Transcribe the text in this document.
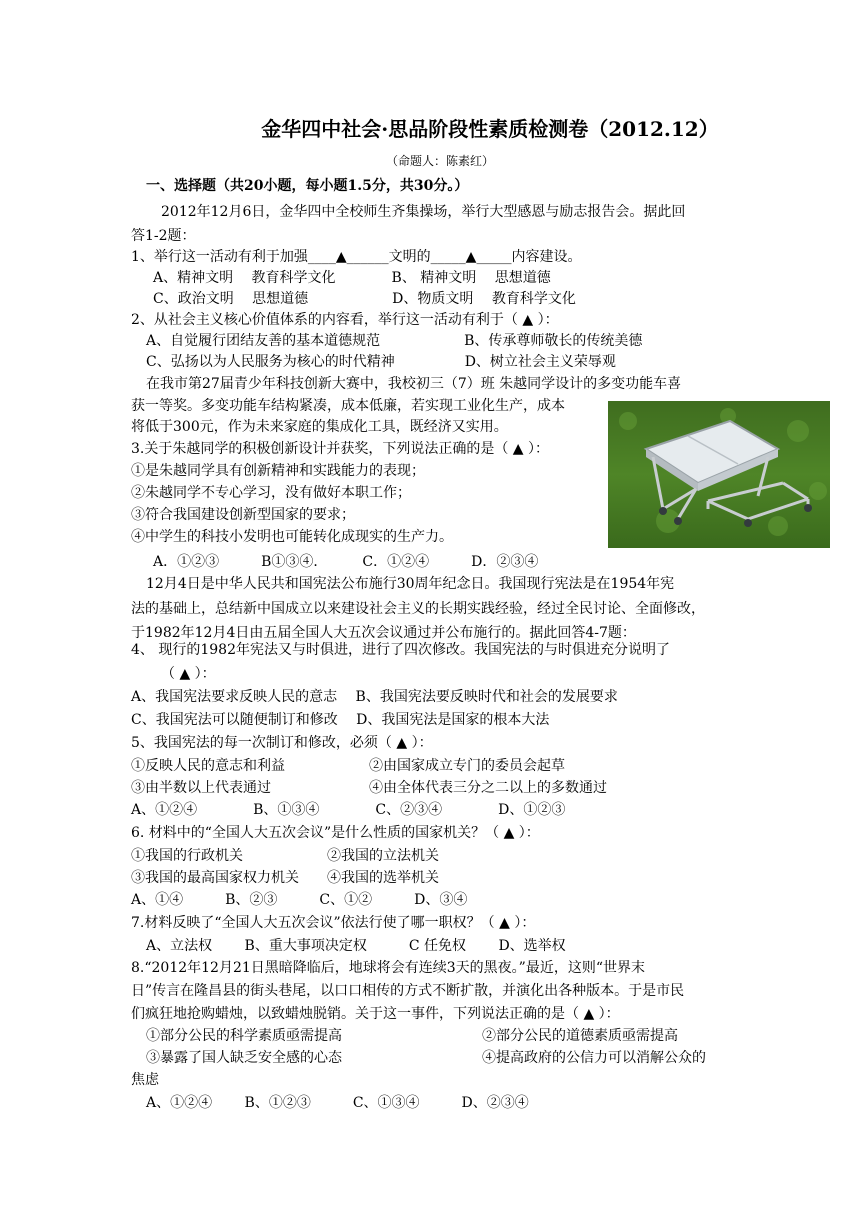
金华四中社会·思品阶段性素质检测卷（2012.12）
（命题人：陈素红）
一、选择题（共20小题，每小题1.5分，共30分。）
2012年12月6日，金华四中全校师生齐集操场，举行大型感恩与励志报告会。据此回
答1-2题：
1、举行这一活动有利于加强____▲______文明的_____▲_____内容建设。
A、精神文明　 教育科学文化　　　　B、 精神文明　 思想道德
C、政治文明　 思想道德　　　　　　D、物质文明　 教育科学文化
2、从社会主义核心价值体系的内容看，举行这一活动有利于（ ▲ ）：
A、自觉履行团结友善的基本道德规范　　　　　　B、传承尊师敬长的传统美德
C、弘扬以为人民服务为核心的时代精神　　　　　D、树立社会主义荣辱观
在我市第27届青少年科技创新大赛中，我校初三（7）班 朱越同学设计的多变功能车喜
获一等奖。多变功能车结构紧凑，成本低廉，若实现工业化生产，成本
将低于300元，作为未来家庭的集成化工具，既经济又实用。
3.关于朱越同学的积极创新设计并获奖，下列说法正确的是（ ▲ ）：
①是朱越同学具有创新精神和实践能力的表现；
②朱越同学不专心学习，没有做好本职工作；
③符合我国建设创新型国家的要求；
④中学生的科技小发明也可能转化成现实的生产力。
A．①②③　　　B①③④．　　　C．①②④　　　D．②③④
12月4日是中华人民共和国宪法公布施行30周年纪念日。我国现行宪法是在1954年宪
法的基础上，总结新中国成立以来建设社会主义的长期实践经验，经过全民讨论、全面修改，
于1982年12月4日由五届全国人大五次会议通过并公布施行的。据此回答4-7题：
4、 现行的1982年宪法又与时俱进，进行了四次修改。我国宪法的与时俱进充分说明了
（ ▲ ）：
A、我国宪法要求反映人民的意志　 B、我国宪法要反映时代和社会的发展要求
C、我国宪法可以随便制订和修改　 D、我国宪法是国家的根本大法
5、我国宪法的每一次制订和修改，必须（ ▲ ）：
①反映人民的意志和利益　　　　　　②由国家成立专门的委员会起草
③由半数以上代表通过　　　　　　　④由全体代表三分之二以上的多数通过
A、①②④　　　　B、①③④　　　　C、②③④　　　　D、①②③
6. 材料中的“全国人大五次会议”是什么性质的国家机关？（ ▲ ）：
①我国的行政机关　　　　　　②我国的立法机关
③我国的最高国家权力机关　　④我国的选举机关
A、①④　　　B、②③　　　C、①②　　　D、③④
7.材料反映了“全国人大五次会议”依法行使了哪一职权？（ ▲ ）：
A、立法权　　 B、重大事项决定权　　　C 任免权　　 D、选举权
8.“2012年12月21日黑暗降临后，地球将会有连续3天的黑夜。”最近，这则“世界末
日”传言在隆昌县的街头巷尾，以口口相传的方式不断扩散，并演化出各种版本。于是市民
们疯狂地抢购蜡烛，以致蜡烛脱销。关于这一事件，下列说法正确的是（ ▲ ）：
①部分公民的科学素质亟需提高　　　　　　　　　　②部分公民的道德素质亟需提高
③暴露了国人缺乏安全感的心态　　　　　　　　　　④提高政府的公信力可以消解公众的
焦虑
A、①②④　　 B、①②③　　　C、①③④　　　D、②③④
